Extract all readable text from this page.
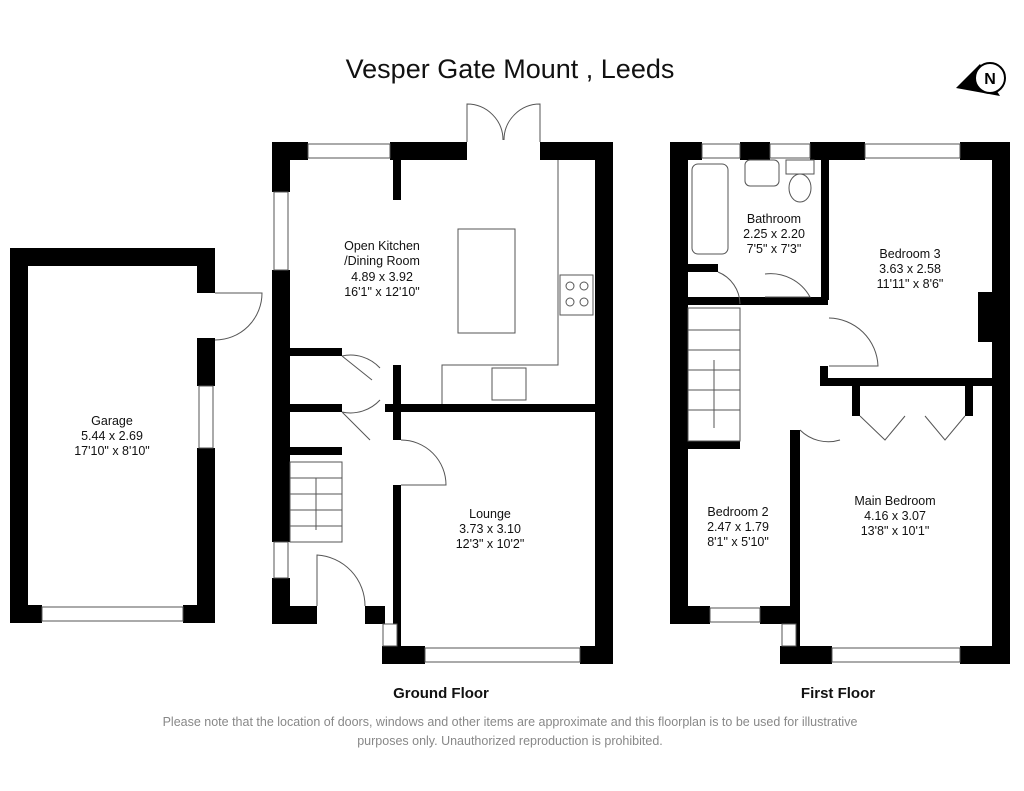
Vesper Gate Mount , Leeds	N
Garage
5.44 x 2.69
17'10" x 8'10"
Open Kitchen
/Dining Room
4.89 x 3.92
16'1" x 12'10"
Lounge
3.73 x 3.10
12'3" x 10'2"
Ground Floor
Bathroom
2.25 x 2.20
7'5" x 7'3"	Bedroom 3
3.63 x 2.58
11'11" x 8'6"
Bedroom 2
2.47 x 1.79
8'1" x 5'10"
Main Bedroom
4.16 x 3.07
13'8" x 10'1"
First Floor
Please note that the location of doors, windows and other items are approximate and this floorplan is to be used for illustrative
purposes only. Unauthorized reproduction is prohibited.
